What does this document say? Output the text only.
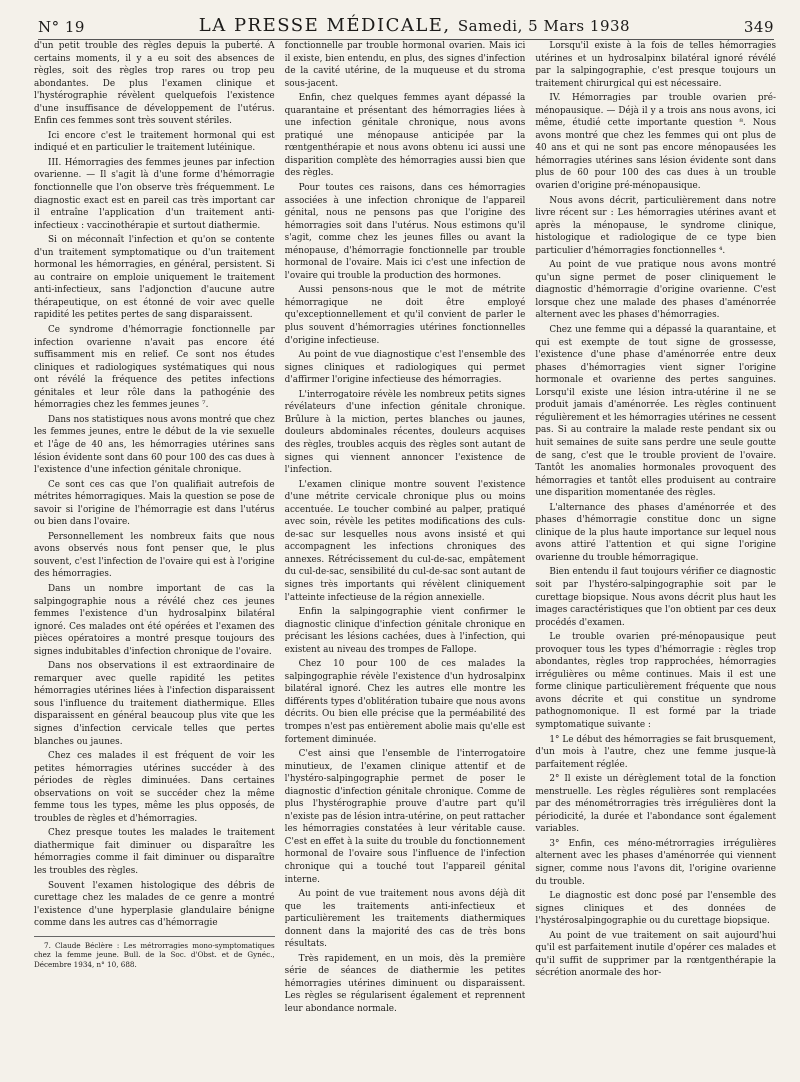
N° 19	LA PRESSE MÉDICALE, Samedi, 5 Mars 1938	349

d'un petit trouble des règles depuis la puberté. A certains moments, il y a eu soit des absences de règles, soit des règles trop rares ou trop peu abondantes. De plus l'examen clinique et l'hystérographie révèlent quelquefois l'existence d'une insuffisance de développement de l'utérus. Enfin ces femmes sont très souvent stériles.

Ici encore c'est le traitement hormonal qui est indiqué et en particulier le traitement lutéinique.

III. Hémorragies des femmes jeunes par infection ovarienne. — Il s'agit là d'une forme d'hémorragie fonctionnelle que l'on observe très fréquemment. Le diagnostic exact est en pareil cas très important car il entraîne l'application d'un traitement anti-infectieux : vaccinothérapie et surtout diathermie.

Si on méconnaît l'infection et qu'on se contente d'un traitement symptomatique ou d'un traitement hormonal les hémorragies, en général, persistent. Si au contraire on emploie uniquement le traitement anti-infectieux, sans l'adjonction d'aucune autre thérapeutique, on est étonné de voir avec quelle rapidité les petites pertes de sang disparaissent.

Ce syndrome d'hémorragie fonctionnelle par infection ovarienne n'avait pas encore été suffisamment mis en relief. Ce sont nos études cliniques et radiologiques systématiques qui nous ont révélé la fréquence des petites infections génitales et leur rôle dans la pathogénie des hémorragies chez les femmes jeunes ⁷.

Dans nos statistiques nous avons montré que chez les femmes jeunes, entre le début de la vie sexuelle et l'âge de 40 ans, les hémorragies utérines sans lésion évidente sont dans 60 pour 100 des cas dues à l'existence d'une infection génitale chronique.

Ce sont ces cas que l'on qualifiait autrefois de métrites hémorragiques. Mais la question se pose de savoir si l'origine de l'hémorragie est dans l'utérus ou bien dans l'ovaire.

Personnellement les nombreux faits que nous avons observés nous font penser que, le plus souvent, c'est l'infection de l'ovaire qui est à l'origine des hémorragies.

Dans un nombre important de cas la salpingographie nous a révélé chez ces jeunes femmes l'existence d'un hydrosalpinx bilatéral ignoré. Ces malades ont été opérées et l'examen des pièces opératoires a montré presque toujours des signes indubitables d'infection chronique de l'ovaire.

Dans nos observations il est extraordinaire de remarquer avec quelle rapidité les petites hémorragies utérines liées à l'infection disparaissent sous l'influence du traitement diathermique. Elles disparaissent en général beaucoup plus vite que les signes d'infection cervicale telles que pertes blanches ou jaunes.

Chez ces malades il est fréquent de voir les petites hémorragies utérines succéder à des périodes de règles diminuées. Dans certaines observations on voit se succéder chez la même femme tous les types, même les plus opposés, de troubles de règles et d'hémorragies.

Chez presque toutes les malades le traitement diathermique fait diminuer ou disparaître les hémorragies comme il fait diminuer ou disparaître les troubles des règles.

Souvent l'examen histologique des débris de curettage chez les malades de ce genre a montré l'existence d'une hyperplasie glandulaire bénigne comme dans les autres cas d'hémorragie

7. Claude Béclère : Les métrorragies mono-symptomatiques chez la femme jeune. Bull. de la Soc. d'Obst. et de Gynéc., Décembre 1934, n° 10, 688.

fonctionnelle par trouble hormonal ovarien. Mais ici il existe, bien entendu, en plus, des signes d'infection de la cavité utérine, de la muqueuse et du stroma sous-jacent.

Enfin, chez quelques femmes ayant dépassé la quarantaine et présentant des hémorragies liées à une infection génitale chronique, nous avons pratiqué une ménopause anticipée par la rœntgenthérapie et nous avons obtenu ici aussi une disparition complète des hémorragies aussi bien que des règles.

Pour toutes ces raisons, dans ces hémorragies associées à une infection chronique de l'appareil génital, nous ne pensons pas que l'origine des hémorragies soit dans l'utérus. Nous estimons qu'il s'agit, comme chez les jeunes filles ou avant la ménopause, d'hémorragie fonctionnelle par trouble hormonal de l'ovaire. Mais ici c'est une infection de l'ovaire qui trouble la production des hormones.

Aussi pensons-nous que le mot de métrite hémorragique ne doit être employé qu'exceptionnellement et qu'il convient de parler le plus souvent d'hémorragies utérines fonctionnelles d'origine infectieuse.

Au point de vue diagnostique c'est l'ensemble des signes cliniques et radiologiques qui permet d'affirmer l'origine infectieuse des hémorragies.

L'interrogatoire révèle les nombreux petits signes révélateurs d'une infection génitale chronique. Brûlure à la miction, pertes blanches ou jaunes, douleurs abdominales récentes, douleurs acquises des règles, troubles acquis des règles sont autant de signes qui viennent annoncer l'existence de l'infection.

L'examen clinique montre souvent l'existence d'une métrite cervicale chronique plus ou moins accentuée. Le toucher combiné au palper, pratiqué avec soin, révèle les petites modifications des culs-de-sac sur lesquelles nous avons insisté et qui accompagnent les infections chroniques des annexes. Rétrécissement du cul-de-sac, empâtement du cul-de-sac, sensibilité du cul-de-sac sont autant de signes très importants qui révèlent cliniquement l'atteinte infectieuse de la région annexielle.

Enfin la salpingographie vient confirmer le diagnostic clinique d'infection génitale chronique en précisant les lésions cachées, dues à l'infection, qui existent au niveau des trompes de Fallope.

Chez 10 pour 100 de ces malades la salpingographie révèle l'existence d'un hydrosalpinx bilatéral ignoré. Chez les autres elle montre les différents types d'oblitération tubaire que nous avons décrits. Ou bien elle précise que la perméabilité des trompes n'est pas entièrement abolie mais qu'elle est fortement diminuée.

C'est ainsi que l'ensemble de l'interrogatoire minutieux, de l'examen clinique attentif et de l'hystéro-salpingographie permet de poser le diagnostic d'infection génitale chronique. Comme de plus l'hystérographie prouve d'autre part qu'il n'existe pas de lésion intra-utérine, on peut rattacher les hémorragies constatées à leur véritable cause. C'est en effet à la suite du trouble du fonctionnement hormonal de l'ovaire sous l'influence de l'infection chronique qui a touché tout l'appareil génital interne.

Au point de vue traitement nous avons déjà dit que les traitements anti-infectieux et particulièrement les traitements diathermiques donnent dans la majorité des cas de très bons résultats.

Très rapidement, en un mois, dès la première série de séances de diathermie les petites hémorragies utérines diminuent ou disparaissent. Les règles se régularisent également et reprennent leur abondance normale.

Lorsqu'il existe à la fois de telles hémorragies utérines et un hydrosalpinx bilatéral ignoré révélé par la salpingographie, c'est presque toujours un traitement chirurgical qui est nécessaire.

IV. Hémorragies par trouble ovarien pré-ménopausique. — Déjà il y a trois ans nous avons, ici même, étudié cette importante question ⁸. Nous avons montré que chez les femmes qui ont plus de 40 ans et qui ne sont pas encore ménopausées les hémorragies utérines sans lésion évidente sont dans plus de 60 pour 100 des cas dues à un trouble ovarien d'origine pré-ménopausique.

Nous avons décrit, particulièrement dans notre livre récent sur : Les hémorragies utérines avant et après la ménopause, le syndrome clinique, histologique et radiologique de ce type bien particulier d'hémorragies fonctionnelles ⁴.

Au point de vue pratique nous avons montré qu'un signe permet de poser cliniquement le diagnostic d'hémorragie d'origine ovarienne. C'est lorsque chez une malade des phases d'aménorrée alternent avec les phases d'hémorragies.

Chez une femme qui a dépassé la quarantaine, et qui est exempte de tout signe de grossesse, l'existence d'une phase d'aménorrée entre deux phases d'hémorragies vient signer l'origine hormonale et ovarienne des pertes sanguines. Lorsqu'il existe une lésion intra-utérine il ne se produit jamais d'aménorrée. Les règles continuent régulièrement et les hémorragies utérines ne cessent pas. Si au contraire la malade reste pendant six ou huit semaines de suite sans perdre une seule goutte de sang, c'est que le trouble provient de l'ovaire. Tantôt les anomalies hormonales provoquent des hémorragies et tantôt elles produisent au contraire une disparition momentanée des règles.

L'alternance des phases d'aménorrée et des phases d'hémorragie constitue donc un signe clinique de la plus haute importance sur lequel nous avons attiré l'attention et qui signe l'origine ovarienne du trouble hémorragique.

Bien entendu il faut toujours vérifier ce diagnostic soit par l'hystéro-salpingographie soit par le curettage biopsique. Nous avons décrit plus haut les images caractéristiques que l'on obtient par ces deux procédés d'examen.

Le trouble ovarien pré-ménopausique peut provoquer tous les types d'hémorragie : règles trop abondantes, règles trop rapprochées, hémorragies irrégulières ou même continues. Mais il est une forme clinique particulièrement fréquente que nous avons décrite et qui constitue un syndrome pathognomonique. Il est formé par la triade symptomatique suivante :

1° Le début des hémorragies se fait brusquement, d'un mois à l'autre, chez une femme jusque-là parfaitement réglée.

2° Il existe un dérèglement total de la fonction menstruelle. Les règles régulières sont remplacées par des ménométrorragies très irrégulières dont la périodicité, la durée et l'abondance sont également variables.

3° Enfin, ces méno-métrorragies irrégulières alternent avec les phases d'aménorrée qui viennent signer, comme nous l'avons dit, l'origine ovarienne du trouble.

Le diagnostic est donc posé par l'ensemble des signes cliniques et des données de l'hystérosalpingographie ou du curettage biopsique.

Au point de vue traitement on sait aujourd'hui qu'il est parfaitement inutile d'opérer ces malades et qu'il suffit de supprimer par la rœntgenthérapie la sécrétion anormale des hor-
